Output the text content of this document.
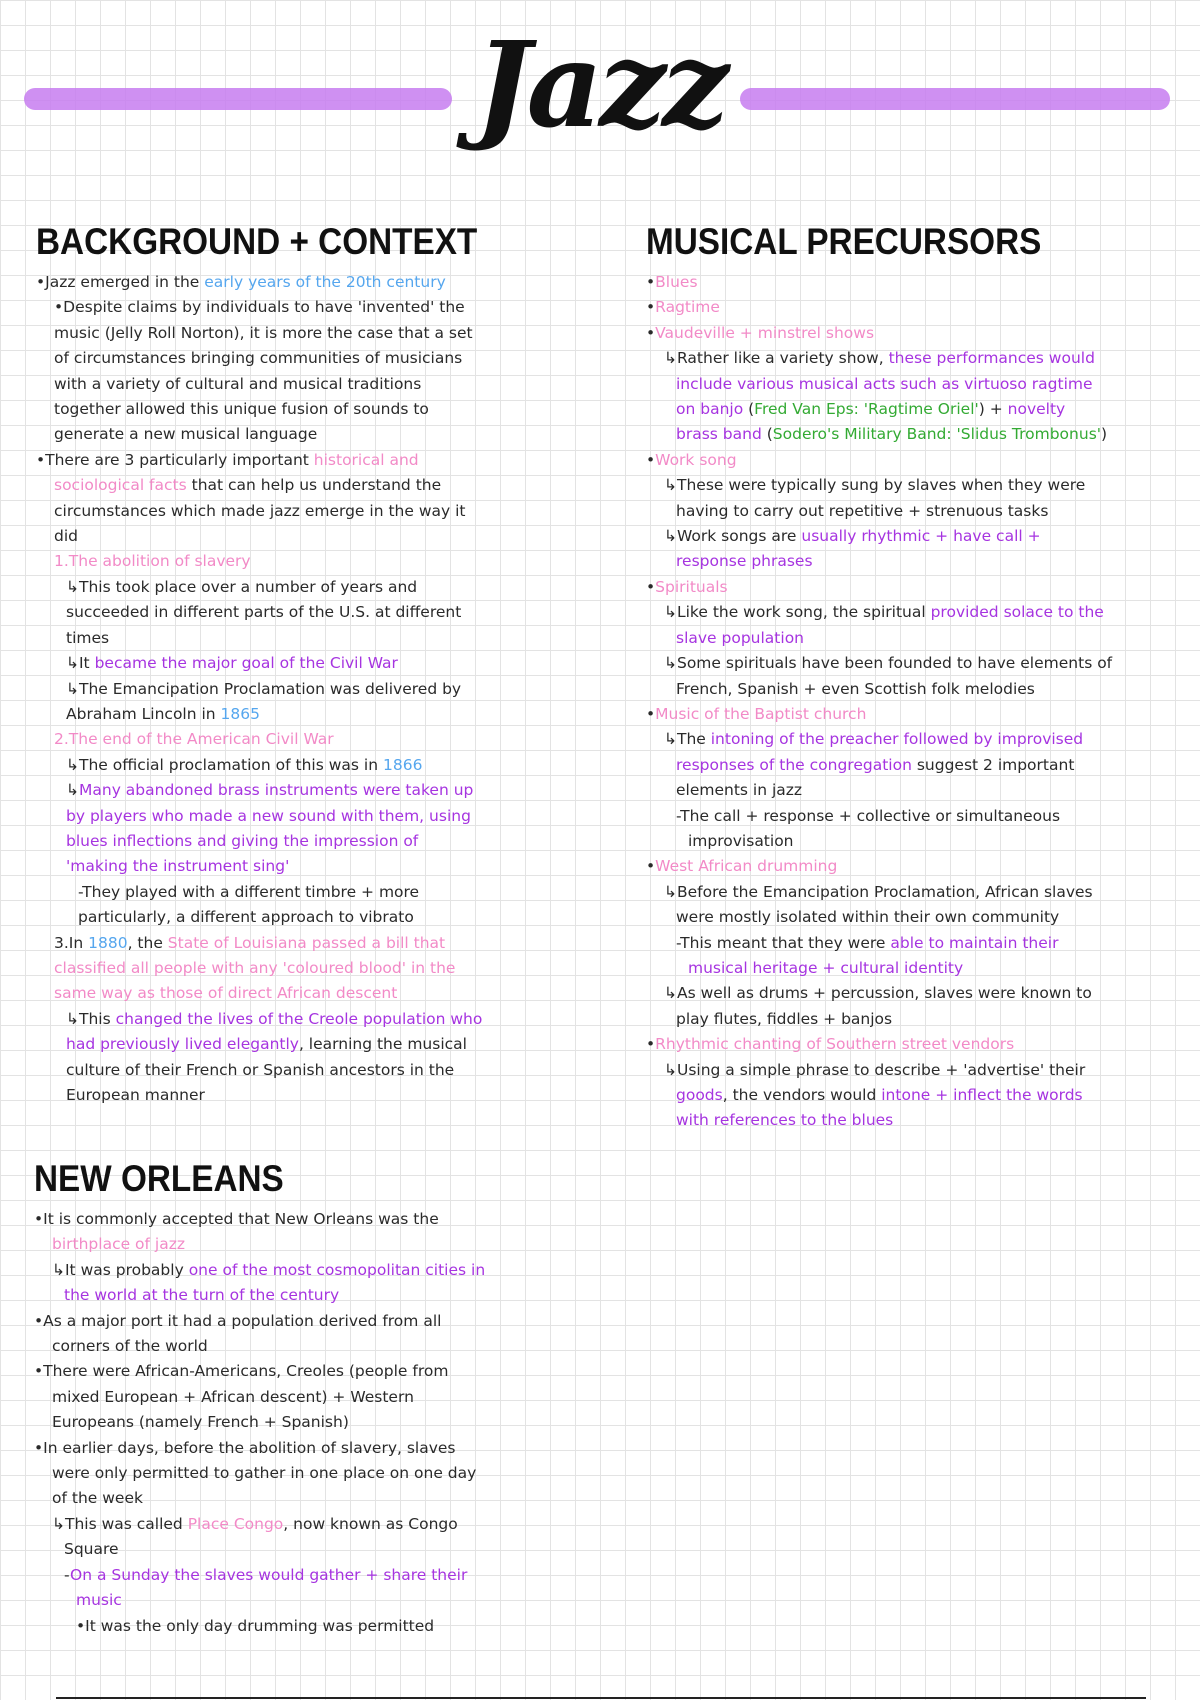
Jazz
BACKGROUND + CONTEXT
•Jazz emerged in the early years of the 20th century
•Despite claims by individuals to have 'invented' the
music (Jelly Roll Norton), it is more the case that a set
of circumstances bringing communities of musicians
with a variety of cultural and musical traditions
together allowed this unique fusion of sounds to
generate a new musical language
•There are 3 particularly important historical and
sociological facts that can help us understand the
circumstances which made jazz emerge in the way it
did
1.The abolition of slavery
↳This took place over a number of years and
succeeded in different parts of the U.S. at different
times
↳It became the major goal of the Civil War
↳The Emancipation Proclamation was delivered by
Abraham Lincoln in 1865
2.The end of the American Civil War
↳The official proclamation of this was in 1866
↳Many abandoned brass instruments were taken up
by players who made a new sound with them, using
blues inflections and giving the impression of
'making the instrument sing'
-They played with a different timbre + more
particularly, a different approach to vibrato
3.In 1880, the State of Louisiana passed a bill that
classified all people with any 'coloured blood' in the
same way as those of direct African descent
↳This changed the lives of the Creole population who
had previously lived elegantly, learning the musical
culture of their French or Spanish ancestors in the
European manner
MUSICAL PRECURSORS
•Blues
•Ragtime
•Vaudeville + minstrel shows
↳Rather like a variety show, these performances would
include various musical acts such as virtuoso ragtime
on banjo (Fred Van Eps: 'Ragtime Oriel') + novelty
brass band (Sodero's Military Band: 'Slidus Trombonus')
•Work song
↳These were typically sung by slaves when they were
having to carry out repetitive + strenuous tasks
↳Work songs are usually rhythmic + have call +
response phrases
•Spirituals
↳Like the work song, the spiritual provided solace to the
slave population
↳Some spirituals have been founded to have elements of
French, Spanish + even Scottish folk melodies
•Music of the Baptist church
↳The intoning of the preacher followed by improvised
responses of the congregation suggest 2 important
elements in jazz
-The call + response + collective or simultaneous
improvisation
•West African drumming
↳Before the Emancipation Proclamation, African slaves
were mostly isolated within their own community
-This meant that they were able to maintain their
musical heritage + cultural identity
↳As well as drums + percussion, slaves were known to
play flutes, fiddles + banjos
•Rhythmic chanting of Southern street vendors
↳Using a simple phrase to describe + 'advertise' their
goods, the vendors would intone + inflect the words
with references to the blues
NEW ORLEANS
•It is commonly accepted that New Orleans was the
birthplace of jazz
↳It was probably one of the most cosmopolitan cities in
the world at the turn of the century
•As a major port it had a population derived from all
corners of the world
•There were African-Americans, Creoles (people from
mixed European + African descent) + Western
Europeans (namely French + Spanish)
•In earlier days, before the abolition of slavery, slaves
were only permitted to gather in one place on one day
of the week
↳This was called Place Congo, now known as Congo
Square
-On a Sunday the slaves would gather + share their
music
•It was the only day drumming was permitted
